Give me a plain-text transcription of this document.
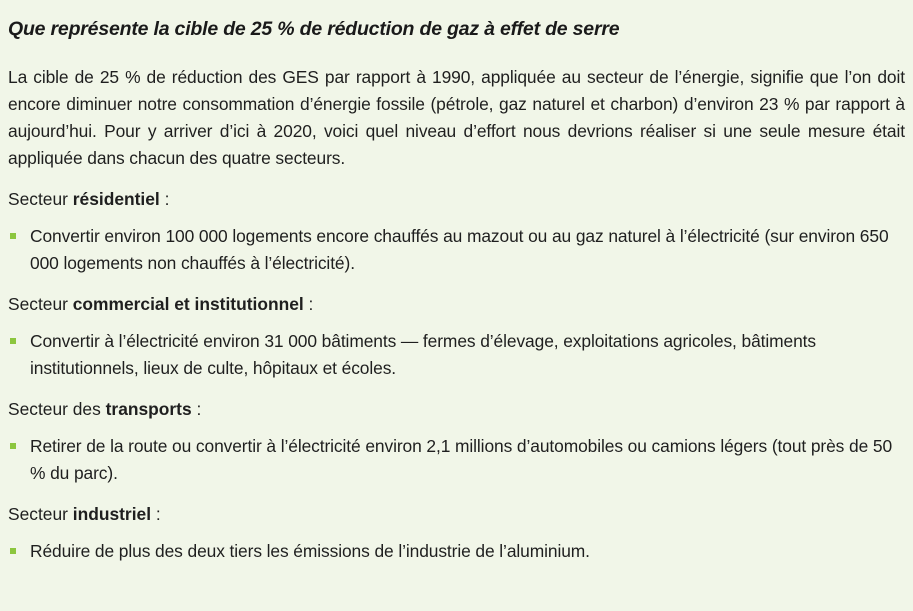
Que représente la cible de 25 % de réduction de gaz à effet de serre

La cible de 25 % de réduction des GES par rapport à 1990, appliquée au secteur de l’énergie, signifie que l’on doit encore diminuer notre consommation d’énergie fossile (pétrole, gaz naturel et charbon) d’environ 23 % par rapport à aujourd’hui. Pour y arriver d’ici à 2020, voici quel niveau d’effort nous devrions réaliser si une seule mesure était appliquée dans chacun des quatre secteurs.

Secteur résidentiel :
Convertir environ 100 000 logements encore chauffés au mazout ou au gaz naturel à l’électricité (sur environ 650 000 logements non chauffés à l’électricité).
Secteur commercial et institutionnel :
Convertir à l’électricité environ 31 000 bâtiments — fermes d’élevage, exploitations agricoles, bâtiments institutionnels, lieux de culte, hôpitaux et écoles.
Secteur des transports :
Retirer de la route ou convertir à l’électricité environ 2,1 millions d’automobiles ou camions légers (tout près de 50 % du parc).
Secteur industriel :
Réduire de plus des deux tiers les émissions de l’industrie de l’aluminium.
